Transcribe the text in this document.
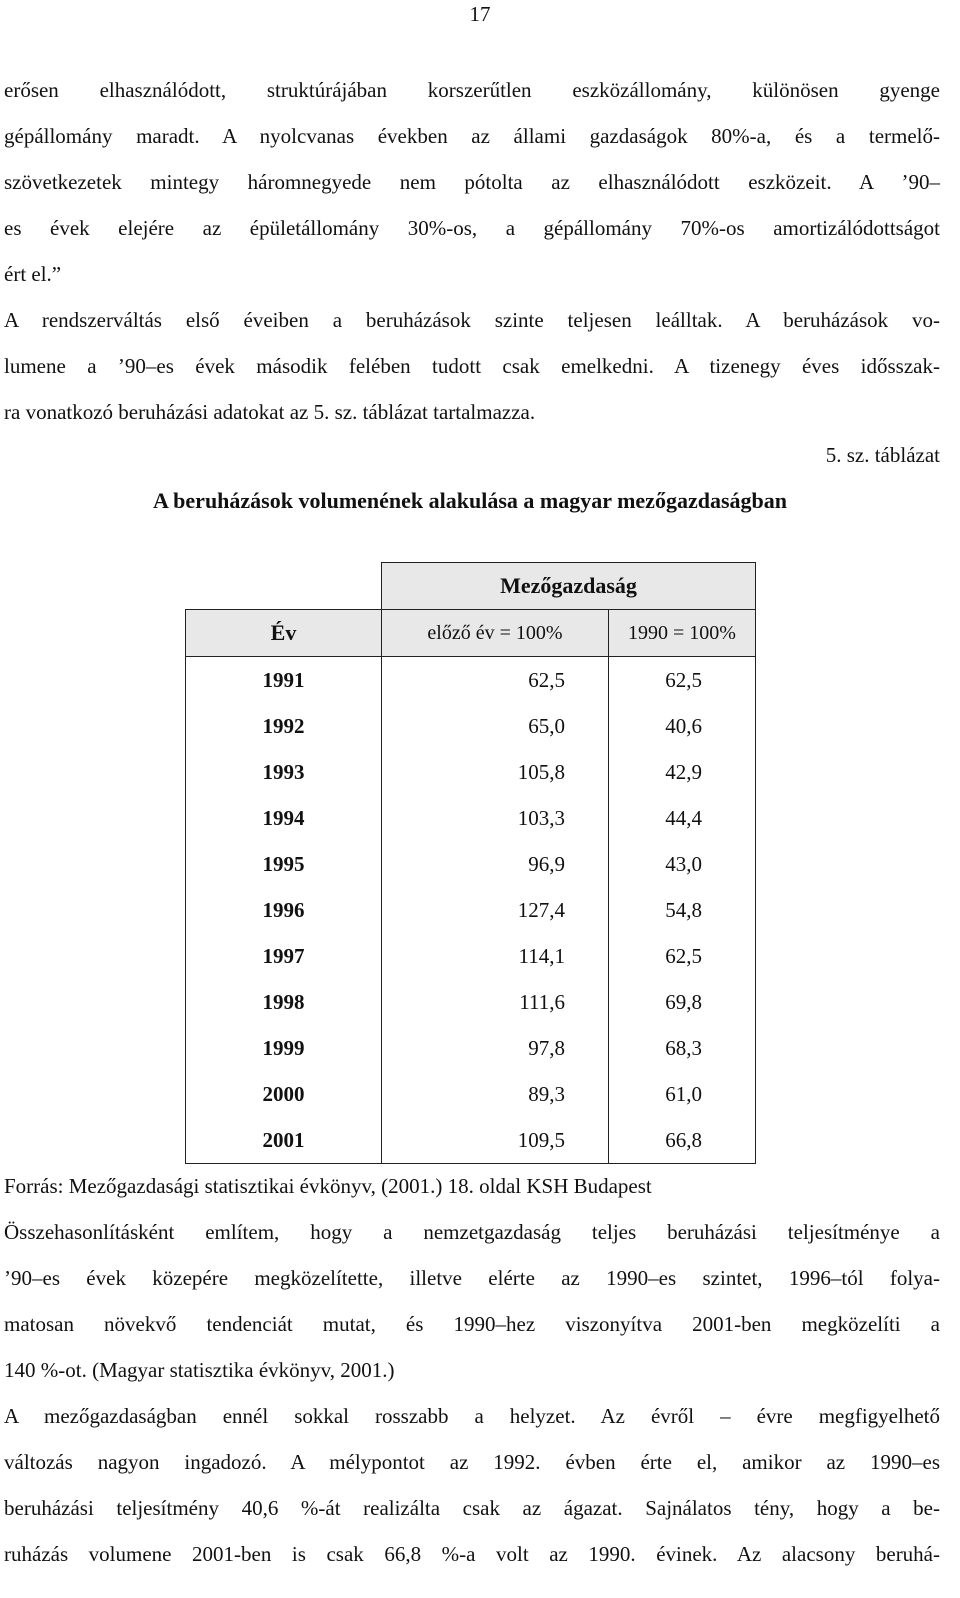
17
erősen elhasználódott, struktúrájában korszerűtlen eszközállomány, különösen gyenge
gépállomány maradt. A nyolcvanas években az állami gazdaságok 80%-a, és a termelő-
szövetkezetek mintegy háromnegyede nem pótolta az elhasználódott eszközeit. A ’90–
es évek elejére az épületállomány 30%-os, a gépállomány 70%-os amortizálódottságot
ért el.”
A rendszerváltás első éveiben a beruházások szinte teljesen leálltak. A beruházások vo-
lumene a ’90–es évek második felében tudott csak emelkedni. A tizenegy éves idősszak-
ra vonatkozó beruházási adatokat az 5. sz. táblázat tartalmazza.
5. sz. táblázat
A beruházások volumenének alakulása a magyar mezőgazdaságban
	Mezőgazdaság	
Év	előző év = 100%	1990 = 100%
1991	62,5	62,5
1992	65,0	40,6
1993	105,8	42,9
1994	103,3	44,4
1995	96,9	43,0
1996	127,4	54,8
1997	114,1	62,5
1998	111,6	69,8
1999	97,8	68,3
2000	89,3	61,0
2001	109,5	66,8
Forrás: Mezőgazdasági statisztikai évkönyv, (2001.) 18. oldal KSH Budapest
Összehasonlításként említem, hogy a nemzetgazdaság teljes beruházási teljesítménye a
’90–es évek közepére megközelítette, illetve elérte az 1990–es szintet, 1996–tól folya-
matosan növekvő tendenciát mutat, és 1990–hez viszonyítva 2001-ben megközelíti a
140 %-ot. (Magyar statisztika évkönyv, 2001.)
A mezőgazdaságban ennél sokkal rosszabb a helyzet. Az évről – évre megfigyelhető
változás nagyon ingadozó. A mélypontot az 1992. évben érte el, amikor az 1990–es
beruházási teljesítmény 40,6 %-át realizálta csak az ágazat. Sajnálatos tény, hogy a be-
ruházás volumene 2001-ben is csak 66,8 %-a volt az 1990. évinek. Az alacsony beruhá-
